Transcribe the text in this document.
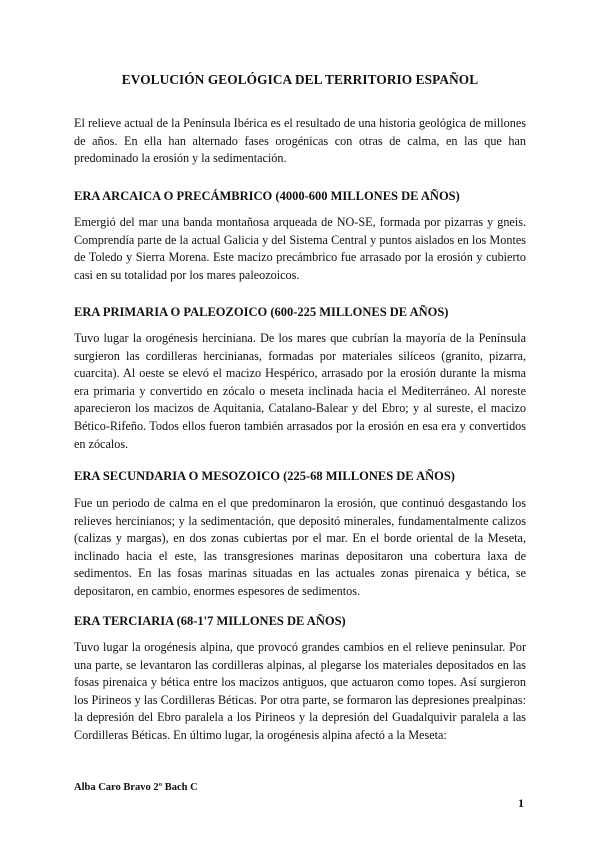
EVOLUCIÓN GEOLÓGICA DEL TERRITORIO ESPAÑOL
El relieve actual de la Península Ibérica es el resultado de una historia geológica de millones de años. En ella han alternado fases orogénicas con otras de calma, en las que han predominado la erosión y la sedimentación.
ERA ARCAICA O PRECÁMBRICO (4000-600 MILLONES DE AÑOS)
Emergió del mar una banda montañosa arqueada de NO-SE, formada por pizarras y gneis. Comprendía parte de la actual Galicia y del Sistema Central y puntos aislados en los Montes de Toledo y Sierra Morena. Este macizo precámbrico fue arrasado por la erosión y cubierto casi en su totalidad por los mares paleozoicos.
ERA PRIMARIA O PALEOZOICO (600-225 MILLONES DE AÑOS)
Tuvo lugar la orogénesis herciniana. De los mares que cubrían la mayoría de la Península surgieron las cordilleras hercinianas, formadas por materiales silíceos (granito, pizarra, cuarcita). Al oeste se elevó el macizo Hespérico, arrasado por la erosión durante la misma era primaria y convertido en zócalo o meseta inclinada hacia el Mediterráneo. Al noreste aparecieron los macizos de Aquitania, Catalano-Balear y del Ebro; y al sureste, el macizo Bético-Rifeño. Todos ellos fueron también arrasados por la erosión en esa era y convertidos en zócalos.
ERA SECUNDARIA O MESOZOICO (225-68 MILLONES DE AÑOS)
Fue un periodo de calma en el que predominaron la erosión, que continuó desgastando los relieves hercinianos; y la sedimentación, que depositó minerales, fundamentalmente calizos (calizas y margas), en dos zonas cubiertas por el mar. En el borde oriental de la Meseta, inclinado hacia el este, las transgresiones marinas depositaron una cobertura laxa de sedimentos. En las fosas marinas situadas en las actuales zonas pirenaica y bética, se depositaron, en cambio, enormes espesores de sedimentos.
ERA TERCIARIA (68-1'7 MILLONES DE AÑOS)
Tuvo lugar la orogénesis alpina, que provocó grandes cambios en el relieve peninsular. Por una parte, se levantaron las cordilleras alpinas, al plegarse los materiales depositados en las fosas pirenaica y bética entre los macizos antiguos, que actuaron como topes. Así surgieron los Pirineos y las Cordilleras Béticas. Por otra parte, se formaron las depresiones prealpinas: la depresión del Ebro paralela a los Pirineos y la depresión del Guadalquivir paralela a las Cordilleras Béticas. En último lugar, la orogénesis alpina afectó a la Meseta:
Alba Caro Bravo 2º Bach C
1
